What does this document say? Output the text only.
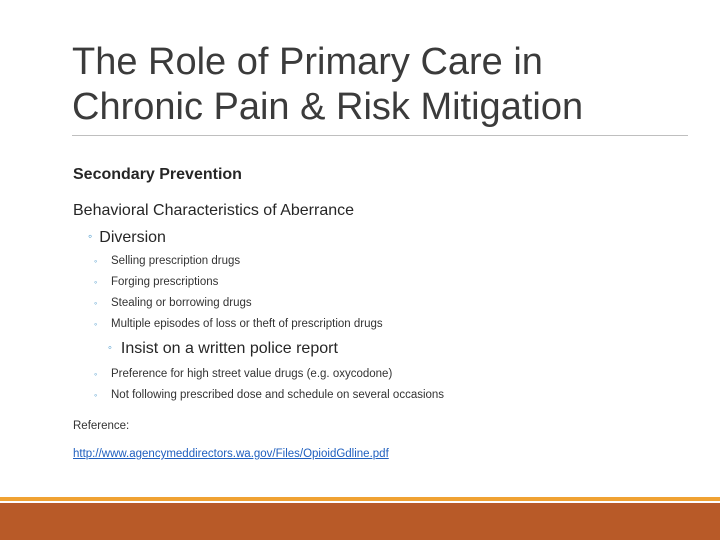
The Role of Primary Care in
Chronic Pain & Risk Mitigation
Secondary Prevention
Behavioral Characteristics of Aberrance
◦ Diversion
◦ Selling prescription drugs
◦ Forging prescriptions
◦ Stealing or borrowing drugs
◦ Multiple episodes of loss or theft of prescription drugs
◦ Insist on a written police report
◦ Preference for high street value drugs (e.g. oxycodone)
◦ Not following prescribed dose and schedule on several occasions
Reference:
http://www.agencymeddirectors.wa.gov/Files/OpioidGdline.pdf
